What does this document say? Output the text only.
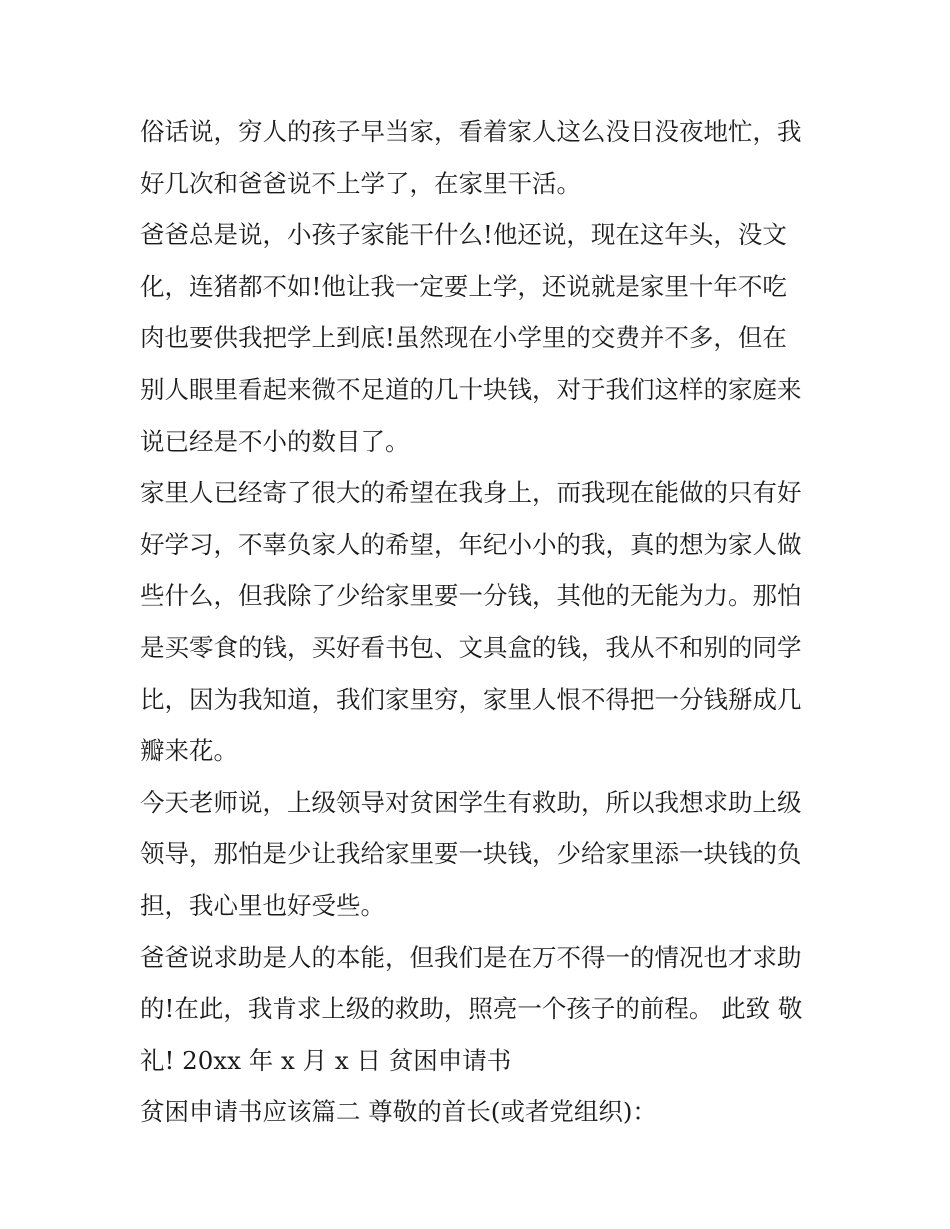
俗话说，穷人的孩子早当家，看着家人这么没日没夜地忙，我
好几次和爸爸说不上学了，在家里干活。
爸爸总是说，小孩子家能干什么!他还说，现在这年头，没文
化，连猪都不如!他让我一定要上学，还说就是家里十年不吃
肉也要供我把学上到底!虽然现在小学里的交费并不多，但在
别人眼里看起来微不足道的几十块钱，对于我们这样的家庭来
说已经是不小的数目了。
家里人已经寄了很大的希望在我身上，而我现在能做的只有好
好学习，不辜负家人的希望，年纪小小的我，真的想为家人做
些什么，但我除了少给家里要一分钱，其他的无能为力。那怕
是买零食的钱，买好看书包、文具盒的钱，我从不和别的同学
比，因为我知道，我们家里穷，家里人恨不得把一分钱掰成几
瓣来花。
今天老师说，上级领导对贫困学生有救助，所以我想求助上级
领导，那怕是少让我给家里要一块钱，少给家里添一块钱的负
担，我心里也好受些。
爸爸说求助是人的本能，但我们是在万不得一的情况也才求助
的!在此，我肯求上级的救助，照亮一个孩子的前程。 此致 敬
礼! 20xx 年 x 月 x 日 贫困申请书
贫困申请书应该篇二 尊敬的首长(或者党组织)：
